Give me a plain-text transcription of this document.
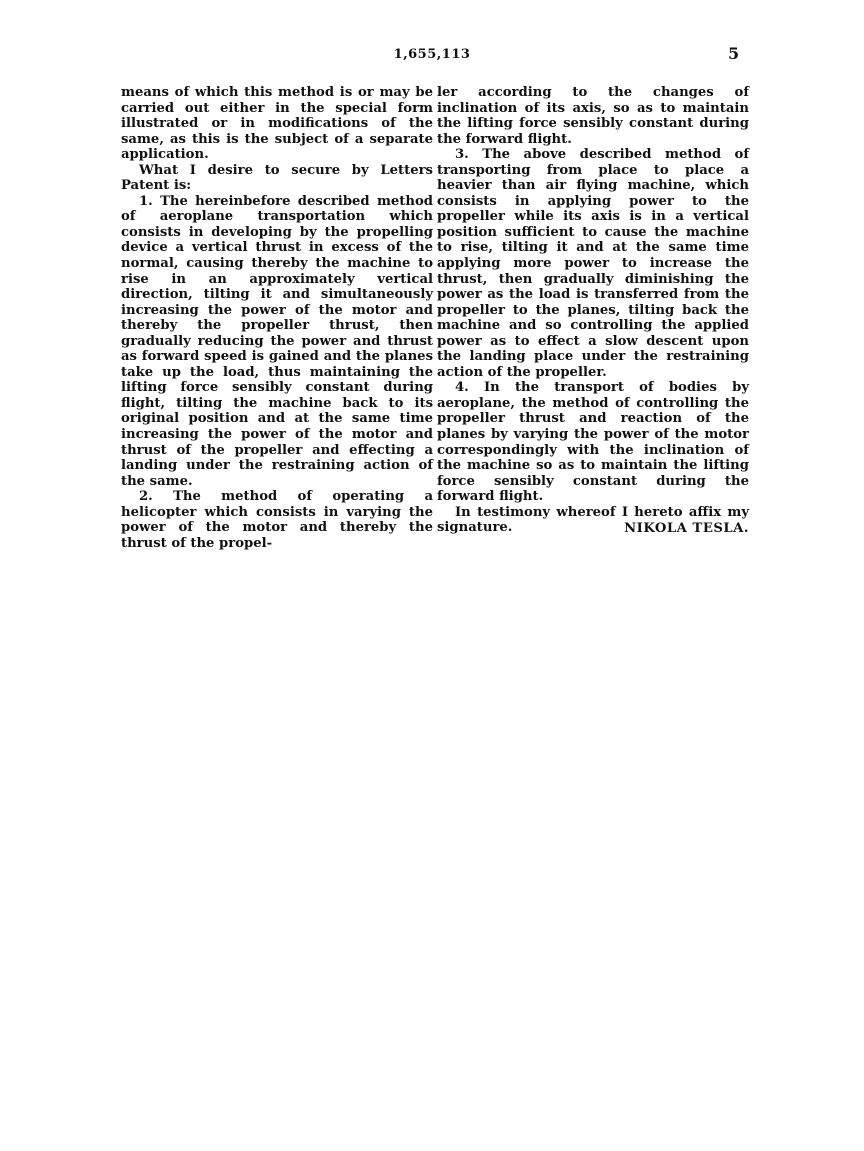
1,655,113	5

means of which this method is or may be carried out either in the special form illustrated or in modifications of the same, as this is the subject of a separate application.

What I desire to secure by Letters Patent is:

1. The hereinbefore described method of aeroplane transportation which consists in developing by the propelling device a vertical thrust in excess of the normal, causing thereby the machine to rise in an approximately vertical direction, tilting it and simultaneously increasing the power of the motor and thereby the propeller thrust, then gradually reducing the power and thrust as forward speed is gained and the planes take up the load, thus maintaining the lifting force sensibly constant during flight, tilting the machine back to its original position and at the same time increasing the power of the motor and thrust of the propeller and effecting a landing under the restraining action of the same.

2. The method of operating a helicopter which consists in varying the power of the motor and thereby the thrust of the propel-

ler according to the changes of inclination of its axis, so as to maintain the lifting force sensibly constant during the forward flight.

3. The above described method of transporting from place to place a heavier than air flying machine, which consists in applying power to the propeller while its axis is in a vertical position sufficient to cause the machine to rise, tilting it and at the same time applying more power to increase the thrust, then gradually diminishing the power as the load is transferred from the propeller to the planes, tilting back the machine and so controlling the applied power as to effect a slow descent upon the landing place under the restraining action of the propeller.

4. In the transport of bodies by aeroplane, the method of controlling the propeller thrust and reaction of the planes by varying the power of the motor correspondingly with the inclination of the machine so as to maintain the lifting force sensibly constant during the forward flight.

In testimony whereof I hereto affix my signature.	NIKOLA TESLA.
